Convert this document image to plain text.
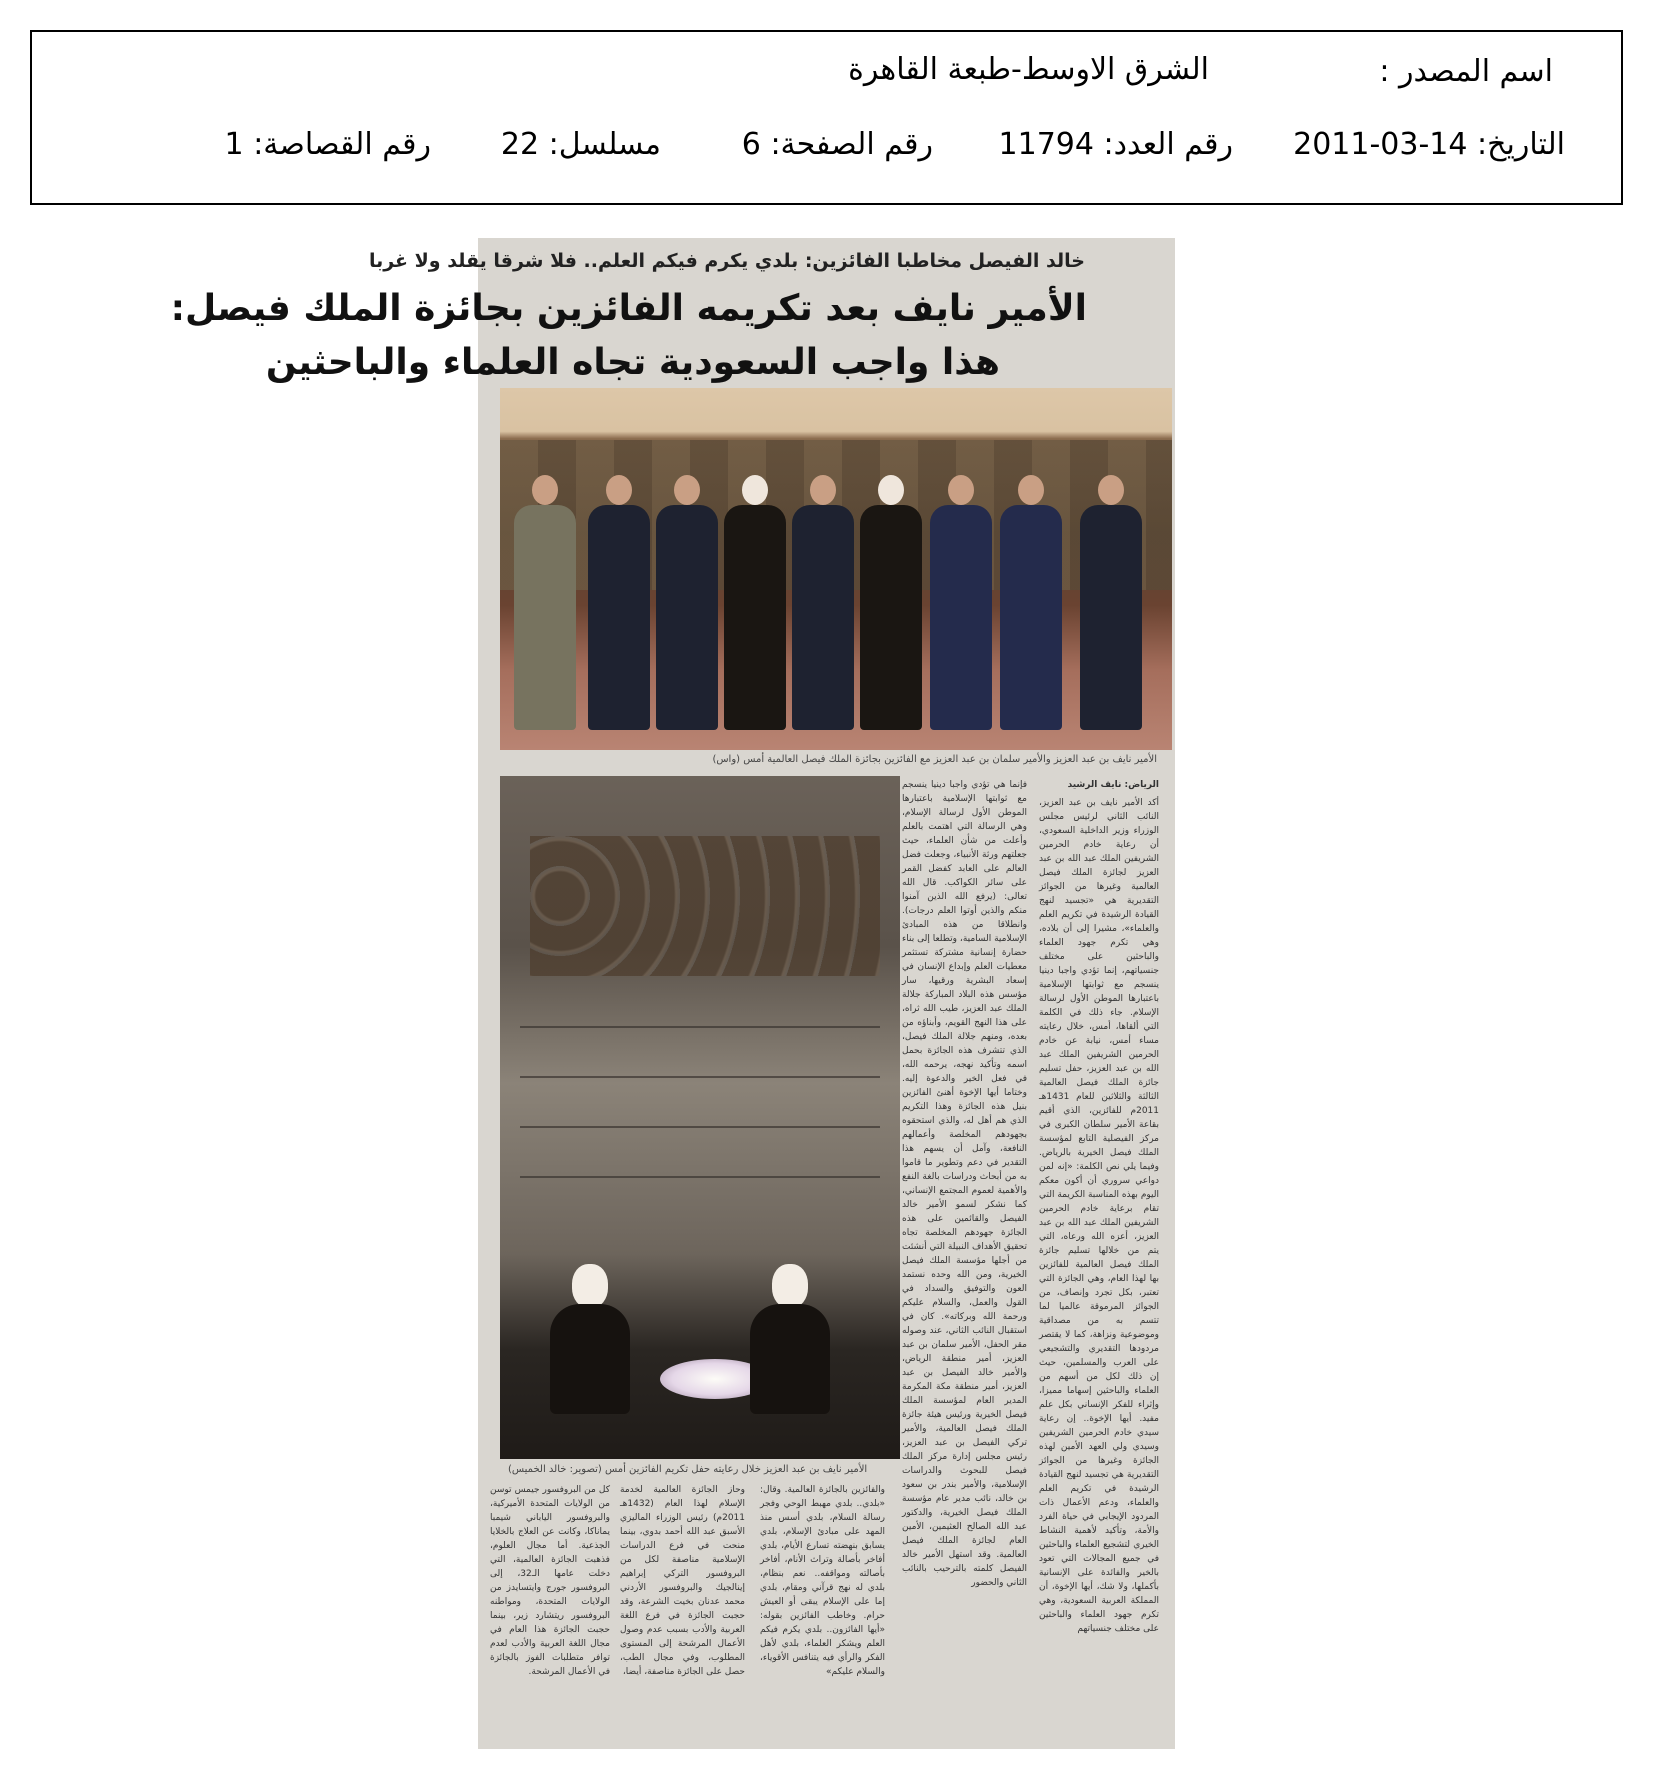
اسم المصدر :
الشرق الاوسط-طبعة القاهرة
التاريخ: 2011-03-14
رقم العدد: 11794
رقم الصفحة: 6
مسلسل: 22
رقم القصاصة: 1
خالد الفيصل مخاطبا الفائزين: بلدي يكرم فيكم العلم.. فلا شرقا يقلد ولا غربا
الأمير نايف بعد تكريمه الفائزين بجائزة الملك فيصل:
هذا واجب السعودية تجاه العلماء والباحثين
الأمير نايف بن عبد العزيز والأمير سلمان بن عبد العزيز مع الفائزين بجائزة الملك فيصل العالمية أمس (واس)
الأمير نايف بن عبد العزيز خلال رعايته حفل تكريم الفائزين أمس (تصوير: خالد الخميس)
الرياض: نايف الرشيد
أكد الأمير نايف بن عبد العزيز، النائب الثاني لرئيس مجلس الوزراء وزير الداخلية السعودي، أن رعاية خادم الحرمين الشريفين الملك عبد الله بن عبد العزيز لجائزة الملك فيصل العالمية وغيرها من الجوائز التقديرية هي «تجسيد لنهج القيادة الرشيدة في تكريم العلم والعلماء»، مشيرا إلى أن بلاده، وهي تكرم جهود العلماء والباحثين على مختلف جنسياتهم، إنما تؤدي واجبا دينيا ينسجم مع ثوابتها الإسلامية باعتبارها الموطن الأول لرسالة الإسلام. جاء ذلك في الكلمة التي ألقاها، أمس، خلال رعايته مساء أمس، نيابة عن خادم الحرمين الشريفين الملك عبد الله بن عبد العزيز، حفل تسليم جائزة الملك فيصل العالمية الثالثة والثلاثين للعام 1431هـ 2011م للفائزين، الذي أقيم بقاعة الأمير سلطان الكبرى في مركز الفيصلية التابع لمؤسسة الملك فيصل الخيرية بالرياض. وفيما يلي نص الكلمة: «إنه لمن دواعي سروري أن أكون معكم اليوم بهذه المناسبة الكريمة التي تقام برعاية خادم الحرمين الشريفين الملك عبد الله بن عبد العزيز، أعزه الله ورعاه، التي يتم من خلالها تسليم جائزة الملك فيصل العالمية للفائزين بها لهذا العام، وهي الجائزة التي تعتبر، بكل تجرد وإنصاف، من الجوائز المرموقة عالميا لما تتسم به من مصداقية وموضوعية ونزاهة، كما لا يقتصر مردودها التقديري والتشجيعي على العرب والمسلمين، حيث إن ذلك لكل من أسهم من العلماء والباحثين إسهاما مميزا، وإثراء للفكر الإنساني بكل علم مفيد. أيها الإخوة.. إن رعاية سيدي خادم الحرمين الشريفين وسيدي ولي العهد الأمين لهذه الجائزة وغيرها من الجوائز التقديرية هي تجسيد لنهج القيادة الرشيدة في تكريم العلم والعلماء، ودعم الأعمال ذات المردود الإيجابي في حياة الفرد والأمة، وتأكيد لأهمية النشاط الخيري لتشجيع العلماء والباحثين في جميع المجالات التي تعود بالخير والفائدة على الإنسانية بأكملها، ولا شك، أيها الإخوة، أن المملكة العربية السعودية، وهي تكرم جهود العلماء والباحثين على مختلف جنسياتهم
فإنما هي تؤدي واجبا دينيا ينسجم مع ثوابتها الإسلامية باعتبارها الموطن الأول لرسالة الإسلام، وهي الرسالة التي اهتمت بالعلم وأعلت من شأن العلماء، حيث جعلتهم ورثة الأنبياء، وجعلت فضل العالم على العابد كفضل القمر على سائر الكواكب. قال الله تعالى: (يرفع الله الذين آمنوا منكم والذين أوتوا العلم درجات). وانطلاقا من هذه المبادئ الإسلامية السامية، وتطلعا إلى بناء حضارة إنسانية مشتركة تستثمر معطيات العلم وإبداع الإنسان في إسعاد البشرية ورقيها، سار مؤسس هذه البلاد المباركة جلالة الملك عبد العزيز، طيب الله ثراه، على هذا النهج القويم، وأبناؤه من بعده، ومنهم جلالة الملك فيصل، الذي تتشرف هذه الجائزة بحمل اسمه وتأكيد نهجه، يرحمه الله، في فعل الخير والدعوة إليه. وختاما أيها الإخوة أهنئ الفائزين بنيل هذه الجائزة وهذا التكريم الذي هم أهل له، والذي استحقوه بجهودهم المخلصة وأعمالهم النافعة، وآمل أن يسهم هذا التقدير في دعم وتطوير ما قاموا به من أبحاث ودراسات بالغة النفع والأهمية لعموم المجتمع الإنساني، كما نشكر لسمو الأمير خالد الفيصل والقائمين على هذه الجائزة جهودهم المخلصة تجاه تحقيق الأهداف النبيلة التي أنشئت من أجلها مؤسسة الملك فيصل الخيرية، ومن الله وحده نستمد العون والتوفيق والسداد في القول والعمل، والسلام عليكم ورحمة الله وبركاته». كان في استقبال النائب الثاني، عند وصوله مقر الحفل، الأمير سلمان بن عبد العزيز، أمير منطقة الرياض، والأمير خالد الفيصل بن عبد العزيز، أمير منطقة مكة المكرمة المدير العام لمؤسسة الملك فيصل الخيرية ورئيس هيئة جائزة الملك فيصل العالمية، والأمير تركي الفيصل بن عبد العزيز، رئيس مجلس إدارة مركز الملك فيصل للبحوث والدراسات الإسلامية، والأمير بندر بن سعود بن خالد، نائب مدير عام مؤسسة الملك فيصل الخيرية، والدكتور عبد الله الصالح العثيمين، الأمين العام لجائزة الملك فيصل العالمية. وقد استهل الأمير خالد الفيصل كلمته بالترحيب بالنائب الثاني والحضور
والفائزين بالجائزة العالمية. وقال: «بلدي.. بلدي مهبط الوحي وفجر رسالة السلام، بلدي أسس منذ المهد على مبادئ الإسلام، بلدي يسابق بنهضته تسارع الأيام، بلدي أفاخر بأصالة وتراث الأنام، أفاخر بأصالته ومواقفه.. نعم بنظام، بلدي له نهج قرآني ومقام، بلدي إما على الإسلام يبقى أو العيش حرام. وخاطب الفائزين بقوله: «أيها الفائزون.. بلدي يكرم فيكم العلم ويشكر العلماء، بلدي لأهل الفكر والرأي فيه يتنافس الأقوياء، والسلام عليكم»
وحاز الجائزة العالمية لخدمة الإسلام لهذا العام (1432هـ 2011م) رئيس الوزراء الماليزي الأسبق عبد الله أحمد بدوي، بينما منحت في فرع الدراسات الإسلامية مناصفة لكل من البروفسور التركي إبراهيم إينالجيك والبروفسور الأردني محمد عدنان بخيت الشرعة، وقد حجبت الجائزة في فرع اللغة العربية والأدب بسبب عدم وصول الأعمال المرشحة إلى المستوى المطلوب، وفي مجال الطب، حصل على الجائزة مناصفة، أيضا،
كل من البروفسور جيمس توسن من الولايات المتحدة الأميركية، والبروفسور الياباني شيمبا يماناكا، وكانت عن العلاج بالخلايا الجذعية. أما مجال العلوم، فذهبت الجائزة العالمية، التي دخلت عامها الـ32، إلى البروفسور جورج وايتسايدز من الولايات المتحدة، ومواطنه البروفسور ريتشارد زير، بينما حجبت الجائزة هذا العام في مجال اللغة العربية والأدب لعدم توافر متطلبات الفوز بالجائزة في الأعمال المرشحة.
